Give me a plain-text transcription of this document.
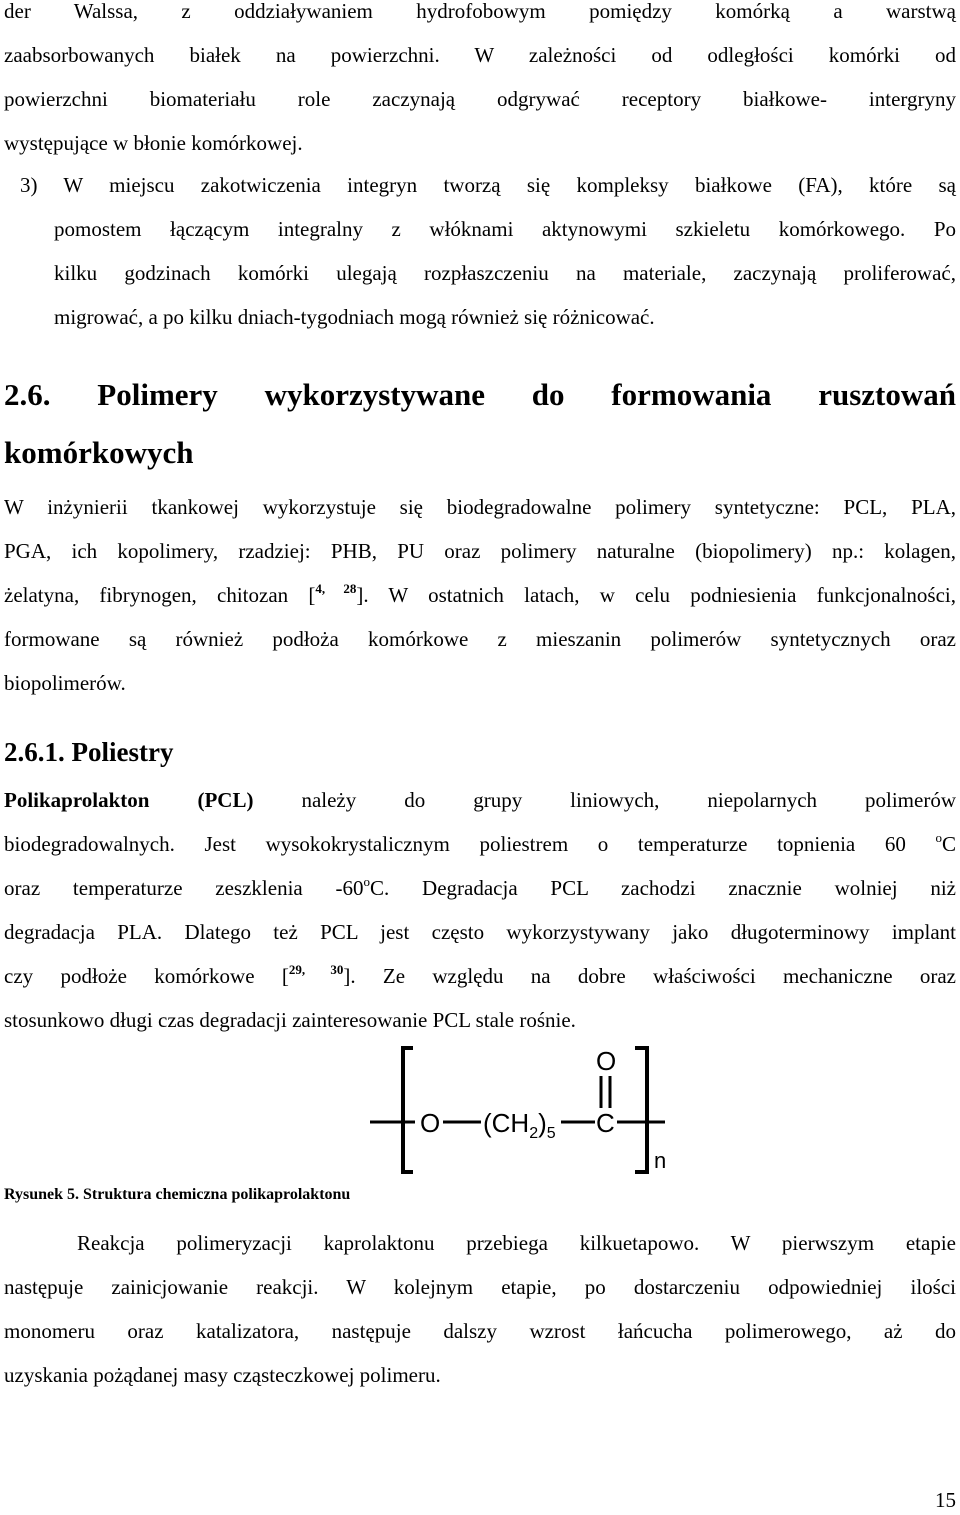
der Walssa, z oddziaływaniem hydrofobowym pomiędzy komórką a warstwą

zaabsorbowanych białek na powierzchni. W zależności od odległości komórki od

powierzchni biomateriału role zaczynają odgrywać receptory białkowe- intergryny

występujące w błonie komórkowej.

3) W miejscu zakotwiczenia integryn tworzą się kompleksy białkowe (FA), które są

pomostem łączącym integralny z włóknami aktynowymi szkieletu komórkowego. Po

kilku godzinach komórki ulegają rozpłaszczeniu na materiale, zaczynają proliferować,

migrować, a po kilku dniach-tygodniach mogą również się różnicować.

2.6. Polimery wykorzystywane do formowania rusztowań
komórkowych

W inżynierii tkankowej wykorzystuje się biodegradowalne polimery syntetyczne: PCL, PLA,

PGA, ich kopolimery, rzadziej: PHB, PU oraz polimery naturalne (biopolimery) np.: kolagen,

żelatyna, fibrynogen, chitozan [$^{4, 28}$]. W ostatnich latach, w celu podniesienia funkcjonalności,

formowane są również podłoża komórkowe z mieszanin polimerów syntetycznych oraz

biopolimerów.

2.6.1. Poliestry

Polikaprolakton (PCL) należy do grupy liniowych, niepolarnych polimerów

biodegradowalnych. Jest wysokokrystalicznym poliestrem o temperaturze topnienia 60 $^o$C

oraz temperaturze zeszklenia -60$^o$C. Degradacja PCL zachodzi znacznie wolniej niż

degradacja PLA. Dlatego też PCL jest często wykorzystywany jako długoterminowy implant

czy podłoże komórkowe [$^{29, 30}$]. Ze względu na dobre właściwości mechaniczne oraz

stosunkowo długi czas degradacji zainteresowanie PCL stale rośnie.

O $(CH_2)_5$ C
O
n
Rysunek 5. Struktura chemiczna polikaprolaktonu

Reakcja polimeryzacji kaprolaktonu przebiega kilkuetapowo. W pierwszym etapie

następuje zainicjowanie reakcji. W kolejnym etapie, po dostarczeniu odpowiedniej ilości

monomeru oraz katalizatora, następuje dalszy wzrost łańcucha polimerowego, aż do

uzyskania pożądanej masy cząsteczkowej polimeru.

15
